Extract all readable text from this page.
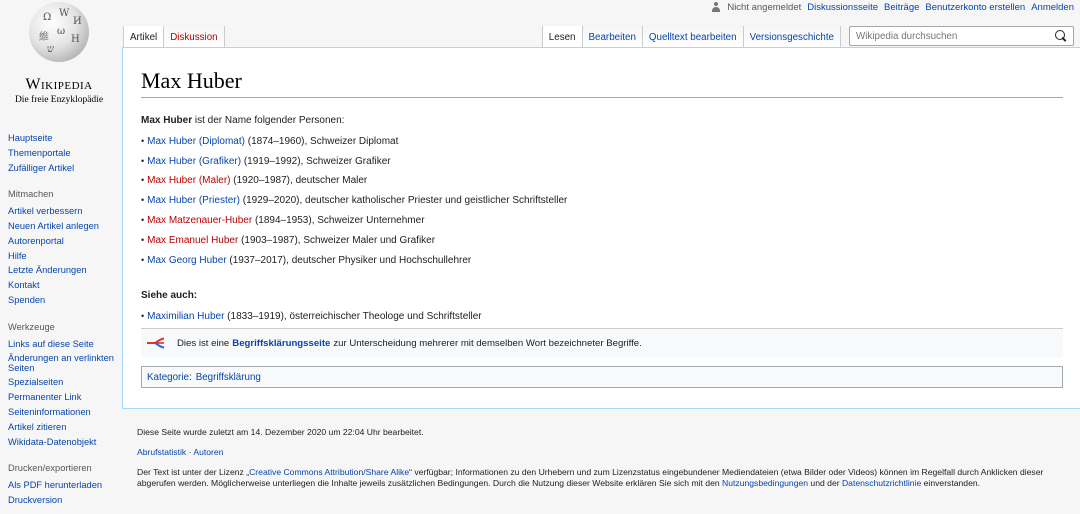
Nicht angemeldet Diskussionsseite Beiträge Benutzerkonto erstellen Anmelden
Ω W
И
維
ω
H
ש
Wikipedia
Die freie Enzyklopädie
Hauptseite
Themenportale
Zufälliger Artikel
Mitmachen
Artikel verbessern
Neuen Artikel anlegen
Autorenportal
Hilfe
Letzte Änderungen
Kontakt
Spenden
Werkzeuge
Links auf diese Seite
Änderungen an verlinkten Seiten
Spezialseiten
Permanenter Link
Seiteninformationen
Artikel zitieren
Wikidata-Datenobjekt
Drucken/exportieren
Als PDF herunterladen
Druckversion
Artikel	Diskussion	Lesen	Bearbeiten	Quelltext bearbeiten	Versionsgeschichte
Wikipedia durchsuchen
Max Huber
Max Huber ist der Name folgender Personen:
• Max Huber (Diplomat) (1874–1960), Schweizer Diplomat
• Max Huber (Grafiker) (1919–1992), Schweizer Grafiker
• Max Huber (Maler) (1920–1987), deutscher Maler
• Max Huber (Priester) (1929–2020), deutscher katholischer Priester und geistlicher Schriftsteller
• Max Matzenauer-Huber (1894–1953), Schweizer Unternehmer
• Max Emanuel Huber (1903–1987), Schweizer Maler und Grafiker
• Max Georg Huber (1937–2017), deutscher Physiker und Hochschullehrer
Siehe auch:
• Maximilian Huber (1833–1919), österreichischer Theologe und Schriftsteller
Dies ist eine Begriffsklärungsseite zur Unterscheidung mehrerer mit demselben Wort bezeichneter Begriffe.
Kategorie : Begriffsklärung

Diese Seite wurde zuletzt am 14. Dezember 2020 um 22:04 Uhr bearbeitet.

Abrufstatistik · Autoren

Der Text ist unter der Lizenz „Creative Commons Attribution/Share Alike“ verfügbar; Informationen zu den Urhebern und zum Lizenzstatus eingebundener Mediendateien (etwa Bilder oder Videos) können im Regelfall durch Anklicken dieser abgerufen werden. Möglicherweise unterliegen die Inhalte jeweils zusätzlichen Bedingungen. Durch die Nutzung dieser Website erklären Sie sich mit den Nutzungsbedingungen und der Datenschutzrichtlinie einverstanden.
